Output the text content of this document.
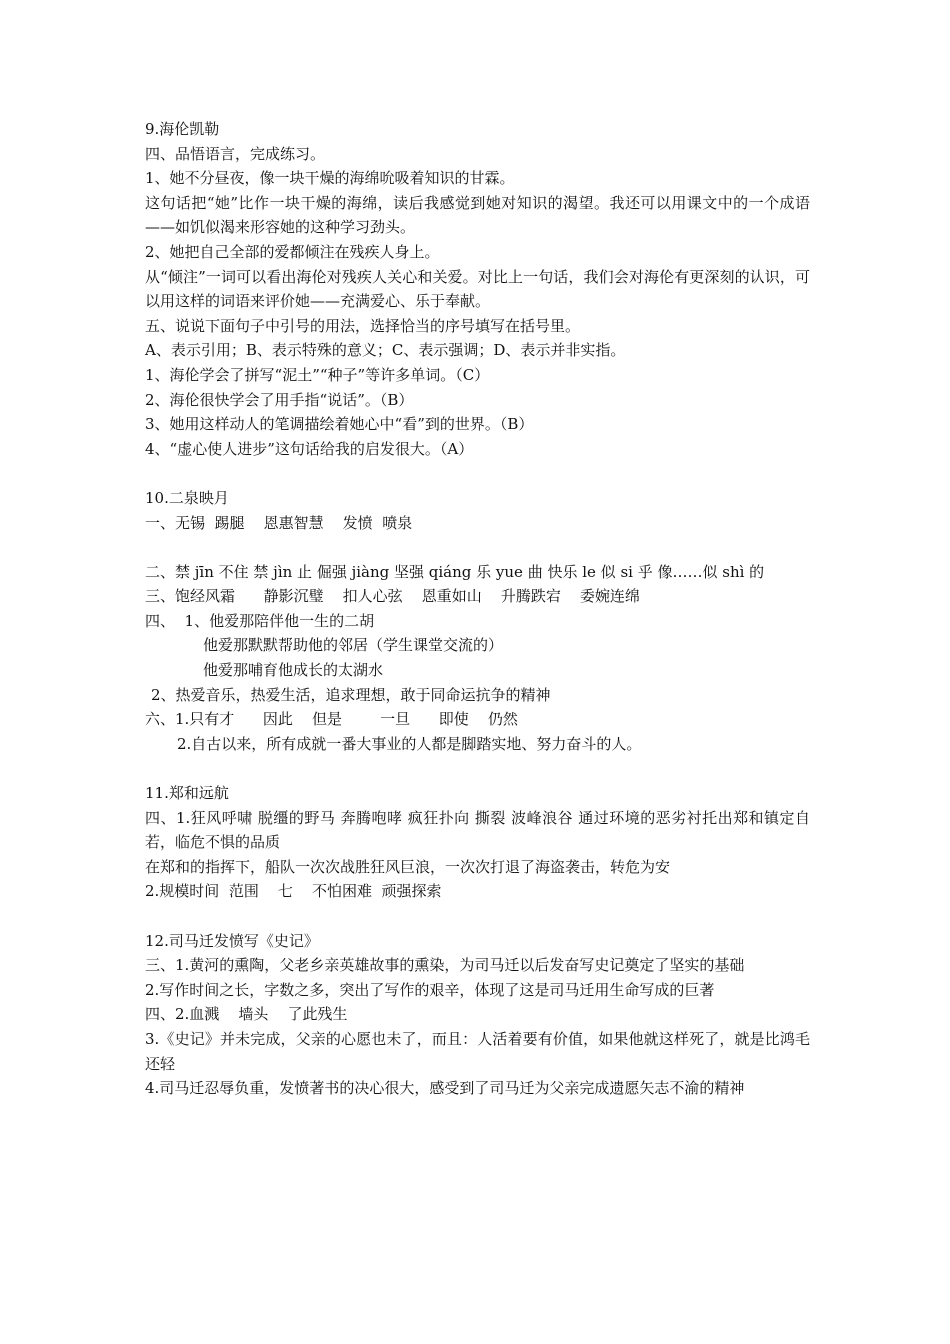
9.海伦凯勒
四、品悟语言，完成练习。
1、她不分昼夜，像一块干燥的海绵吮吸着知识的甘霖。
这句话把“她”比作一块干燥的海绵，读后我感觉到她对知识的渴望。我还可以用课文中的一个成语——如饥似渴来形容她的这种学习劲头。
2、她把自己全部的爱都倾注在残疾人身上。
从“倾注”一词可以看出海伦对残疾人关心和关爱。对比上一句话，我们会对海伦有更深刻的认识，可以用这样的词语来评价她——充满爱心、乐于奉献。
五、说说下面句子中引号的用法，选择恰当的序号填写在括号里。
A、表示引用；B、表示特殊的意义；C、表示强调；D、表示并非实指。
1、海伦学会了拼写“泥土”“种子”等许多单词。（C）
2、海伦很快学会了用手指“说话”。（B）
3、她用这样动人的笔调描绘着她心中“看”到的世界。（B）
4、“虚心使人进步”这句话给我的启发很大。（A）
10.二泉映月
一、无锡  踢腿    恩惠智慧    发愤  喷泉
二、禁 jīn 不住 禁 jìn 止 倔强 jiàng 坚强 qiáng 乐 yue 曲 快乐 le 似 si 乎 像……似 shì 的
三、饱经风霜      静影沉璧    扣人心弦    恩重如山    升腾跌宕    委婉连绵
四、  1、他爱那陪伴他一生的二胡
他爱那默默帮助他的邻居（学生课堂交流的）
他爱那哺育他成长的太湖水
2、热爱音乐，热爱生活，追求理想，敢于同命运抗争的精神
六、1.只有才      因此    但是        一旦      即使    仍然
2.自古以来，所有成就一番大事业的人都是脚踏实地、努力奋斗的人。
11.郑和远航
四、1.狂风呼啸 脱缰的野马 奔腾咆哮 疯狂扑向 撕裂 波峰浪谷 通过环境的恶劣衬托出郑和镇定自若，临危不惧的品质
在郑和的指挥下，船队一次次战胜狂风巨浪，一次次打退了海盗袭击，转危为安
2.规模时间  范围    七    不怕困难  顽强探索
12.司马迁发愤写《史记》
三、1.黄河的熏陶，父老乡亲英雄故事的熏染，为司马迁以后发奋写史记奠定了坚实的基础
2.写作时间之长，字数之多，突出了写作的艰辛，体现了这是司马迁用生命写成的巨著
四、2.血溅    墙头    了此残生
3.《史记》并未完成，父亲的心愿也未了，而且：人活着要有价值，如果他就这样死了，就是比鸿毛还轻
4.司马迁忍辱负重，发愤著书的决心很大，感受到了司马迁为父亲完成遗愿矢志不渝的精神
